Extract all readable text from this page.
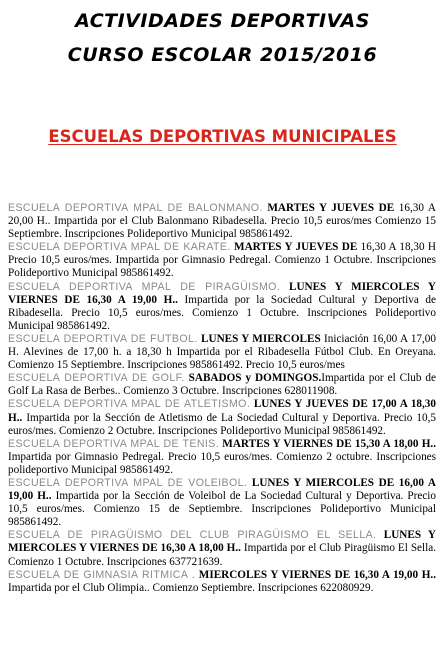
ACTIVIDADES DEPORTIVAS
CURSO ESCOLAR 2015/2016
ESCUELAS DEPORTIVAS MUNICIPALES

ESCUELA DEPORTIVA MPAL DE BALONMANO. MARTES Y JUEVES DE 16,30 A 20,00 H.. Impartida por el Club Balonmano Ribadesella. Precio 10,5 euros/mes Comienzo 15 Septiembre. Inscripciones Polideportivo Municipal 985861492.

ESCUELA DEPORTIVA MPAL DE KARATE. MARTES Y JUEVES DE 16,30 A 18,30 H Precio 10,5 euros/mes. Impartida por Gimnasio Pedregal. Comienzo 1 Octubre. Inscripciones Polideportivo Municipal 985861492.

ESCUELA DEPORTIVA MPAL DE PIRAGÜISMO. LUNES Y MIERCOLES Y VIERNES DE 16,30 A 19,00 H.. Impartida por la Sociedad Cultural y Deportiva de Ribadesella. Precio 10,5 euros/mes. Comienzo 1 Octubre. Inscripciones Polideportivo Municipal 985861492.

ESCUELA DEPORTIVA DE FUTBOL. LUNES Y MIERCOLES Iniciación 16,00 A 17,00 H. Alevines de 17,00 h. a 18,30 h Impartida por el Ribadesella Fútbol Club. En Oreyana. Comienzo 15 Septiembre. Inscripciones 985861492. Precio 10,5 euros/mes

ESCUELA DEPORTIVA DE GOLF. SABADOS y DOMINGOS.Impartida por el Club de Golf La Rasa de Berbes.. Comienzo 3 Octubre. Inscripciones 628011908.

ESCUELA DEPORTIVA MPAL DE ATLETISMO. LUNES Y JUEVES DE 17,00 A 18,30 H.. Impartida por la Sección de Atletismo de La Sociedad Cultural y Deportiva. Precio 10,5 euros/mes. Comienzo 2 Octubre. Inscripciones Polideportivo Municipal 985861492.

ESCUELA DEPORTIVA MPAL DE TENIS. MARTES Y VIERNES DE 15,30 A 18,00 H.. Impartida por Gimnasio Pedregal. Precio 10,5 euros/mes. Comienzo 2 octubre. Inscripciones polideportivo Municipal 985861492.

ESCUELA DEPORTIVA MPAL DE VOLEIBOL. LUNES Y MIERCOLES DE 16,00 A 19,00 H.. Impartida por la Sección de Voleibol de La Sociedad Cultural y Deportiva. Precio 10,5 euros/mes. Comienzo 15 de Septiembre. Inscripciones Polideportivo Municipal 985861492.

ESCUELA DE PIRAGÜISMO DEL CLUB PIRAGÜISMO EL SELLA. LUNES Y MIERCOLES Y VIERNES DE 16,30 A 18,00 H.. Impartida por el Club Piragüismo El Sella. Comienzo 1 Octubre. Inscripciones 637721639.

ESCUELA DE GIMNASIA RITMICA . MIERCOLES Y VIERNES DE 16,30 A 19,00 H.. Impartida por el Club Olimpia.. Comienzo Septiembre. Inscripciones 622080929.
